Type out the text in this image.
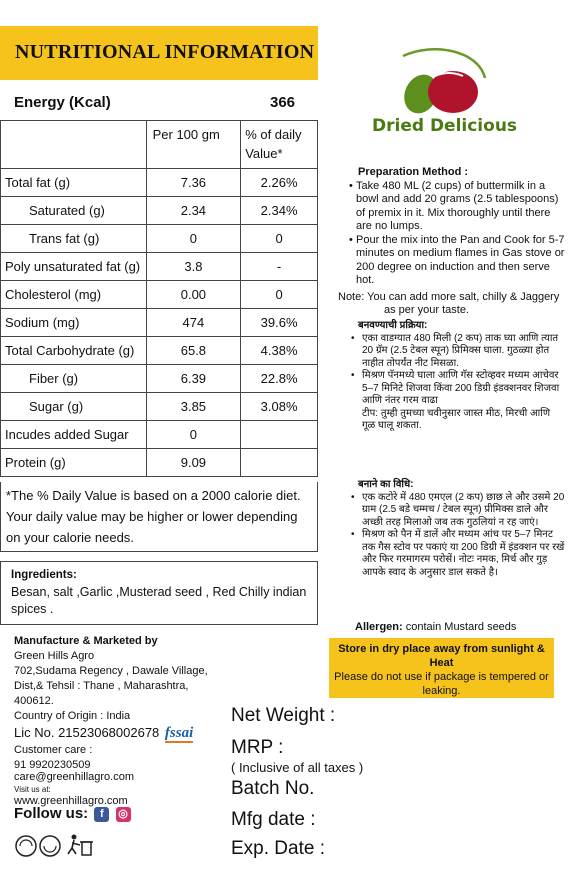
NUTRITIONAL INFORMATION
Energy (Kcal)	366
	Per 100 gm	% of daily Value*
Total fat (g)	7.36	2.26%
Saturated (g)	2.34	2.34%
Trans fat (g)	0	0
Poly unsaturated fat (g)	3.8	-
Cholesterol (mg)	0.00	0
Sodium (mg)	474	39.6%
Total Carbohydrate (g)	65.8	4.38%
Fiber (g)	6.39	22.8%
Sugar (g)	3.85	3.08%
Incudes added Sugar	0	
Protein (g)	9.09	
*The % Daily Value is based on a 2000 calorie diet. Your daily value may be higher or lower depending on your calorie needs.
Ingredients:
Besan, salt ,Garlic ,Musterad seed , Red Chilly indian spices .
Manufacture & Marketed by
Green Hills Agro
702,Sudama Regency , Dawale Village,
Dist,& Tehsil : Thane , Maharashtra,
400612.
Country of Origin : India
Lic No. 21523068002678 fssai
Customer care :
91 9920230509
care@greenhillagro.com
Visit us at:
www.greenhillagro.com
Follow us: f ◎
Dried Delicious
Preparation Method :
• Take 480 ML (2 cups) of buttermilk in a bowl and add 20 grams (2.5 tablespoons) of premix in it. Mix thoroughly until there are no lumps.
• Pour the mix into the Pan and Cook for 5-7 minutes on medium flames in Gas stove or 200 degree on induction and then serve hot.
Note: You can add more salt, chilly & Jaggery
as per your taste.
बनवण्याची प्रक्रिया:
• एका वाडग्यात 480 मिली (2 कप) ताक घ्या आणि त्यात 20 ग्रॅम (2.5 टेबल स्पून) प्रिमिक्स घाला. गुठळ्या होत नाहीत तोपर्यंत नीट मिसळा.
• मिश्रण पॅनमध्ये घाला आणि गॅस स्टोव्हवर मध्यम आचेवर 5–7 मिनिटे शिजवा किंवा 200 डिग्री इंडक्शनवर शिजवा आणि नंतर गरम वाढा
टीप: तुम्ही तुमच्या चवीनुसार जास्त मीठ, मिरची आणि गूळ घालू शकता.
बनाने का विधि:
• एक कटोरे में 480 एमएल (2 कप) छाछ ले और उसमे 20 ग्राम (2.5 बडे चम्मच / टेबल स्पून) प्रीमिक्स डाले और अच्छी तरह मिलाओ जब तक गुठलियां न रह जाएं।
• मिश्रण को पैन में डालें और मध्यम आंच पर 5–7 मिनट तक गैस स्टोव पर पकाएं या 200 डिग्री में इंडक्शन पर रखें और फिर गरमागरम परोसें। नोटः नमक, मिर्च और गुड़ आपके स्वाद के अनुसार डाल सकते है।
Allergen: contain Mustard seeds
Store in dry place away from sunlight & Heat
Please do not use if package is tempered or leaking.
Net Weight :
MRP :
( Inclusive of all taxes )
Batch No.
Mfg date :
Exp. Date :
